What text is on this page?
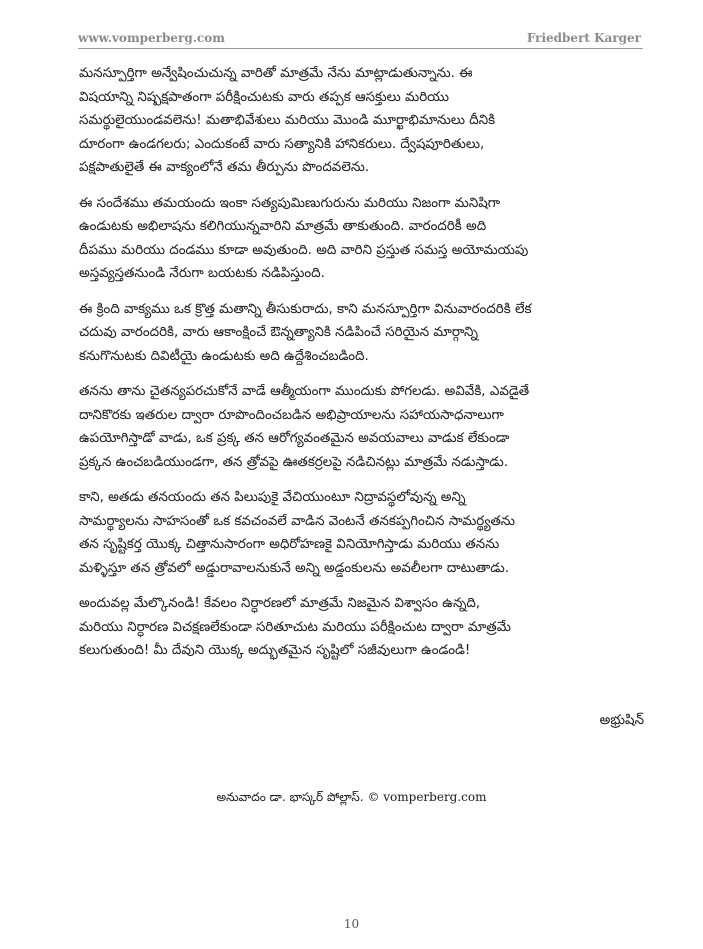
www.vomperberg.com	Friedbert Karger

మనస్పూర్తిగా అన్వేషించుచున్న వారితో మాత్రమే నేను మాట్లాడుతున్నాను. ఈ
విషయాన్ని నిష్పక్షపాతంగా పరీక్షించుటకు వారు తప్పక ఆసక్తులు మరియు
సమర్థులైయుండవలెను! మతాభివేశులు మరియు మొండి మూర్ఖాభిమానులు దీనికి
దూరంగా ఉండగలరు; ఎందుకంటే వారు సత్యానికి హానికరులు. ద్వేషపూరితులు,
పక్షపాతులైతే ఈ వాక్యంలోనే తమ తీర్పును పొందవలెను.

ఈ సందేశము తమయందు ఇంకా సత్యపుమిణుగురును మరియు నిజంగా మనిషిగా
ఉండుటకు అభిలాషను కలిగియున్నవారిని మాత్రమే తాకుతుంది. వారందరికీ అది
దీపము మరియు దండము కూడా అవుతుంది. అది వారిని ప్రస్తుత సమస్త అయోమయపు
అస్తవ్యస్తతనుండి నేరుగా బయటకు నడిపిస్తుంది.

ఈ క్రింది వాక్యము ఒక క్రొత్త మతాన్ని తీసుకురాదు, కాని మనస్పూర్తిగా వినువారందరికి లేక
చదువు వారందరికి, వారు ఆకాంక్షించే ఔన్నత్యానికి నడిపించే సరియైన మార్గాన్ని
కనుగొనుటకు దివిటీయై ఉండుటకు అది ఉద్దేశించబడింది.

తనను తాను చైతన్యపరచుకోనే వాడే ఆత్మీయంగా ముందుకు పోగలడు. అవివేకి, ఎవడైతే
దానికొరకు ఇతరుల ద్వారా రూపొందించబడిన అభిప్రాయాలను సహాయసాధనాలుగా
ఉపయోగిస్తాడో వాడు, ఒక ప్రక్క తన ఆరోగ్యవంతమైన అవయవాలు వాడుక లేకుండా
ప్రక్కన ఉంచబడియుండగా, తన త్రోవపై ఊతకర్రలపై నడిచినట్లు మాత్రమే నడుస్తాడు.

కాని, అతడు తనయందు తన పిలుపుకై వేచియుంటూ నిద్రావస్థలోవున్న అన్ని
సామర్థ్యాలను సాహసంతో ఒక కవచంవలే వాడిన వెంటనే తనకప్పగించిన సామర్థ్యతను
తన సృష్టికర్త యొక్క చిత్తానుసారంగా అధిరోహణకై వినియోగిస్తాడు మరియు తనను
మళ్ళిస్తూ తన త్రోవలో అడ్డురావాలనుకునే అన్ని అడ్డంకులను అవలీలగా దాటుతాడు.

అందువల్ల మేల్కొనండి! కేవలం నిర్ధారణలో మాత్రమే నిజమైన విశ్వాసం ఉన్నది,
మరియు నిర్ధారణ విచక్షణలేకుండా సరితూచుట మరియు పరీక్షించుట ద్వారా మాత్రమే
కలుగుతుంది! మీ దేవుని యొక్క అద్భుతమైన సృష్టిలో సజీవులుగా ఉండండి!

అభ్రుషిన్
అనువాదం డా. భాస్కర్ పోల్లాస్. © vomperberg.com
10
